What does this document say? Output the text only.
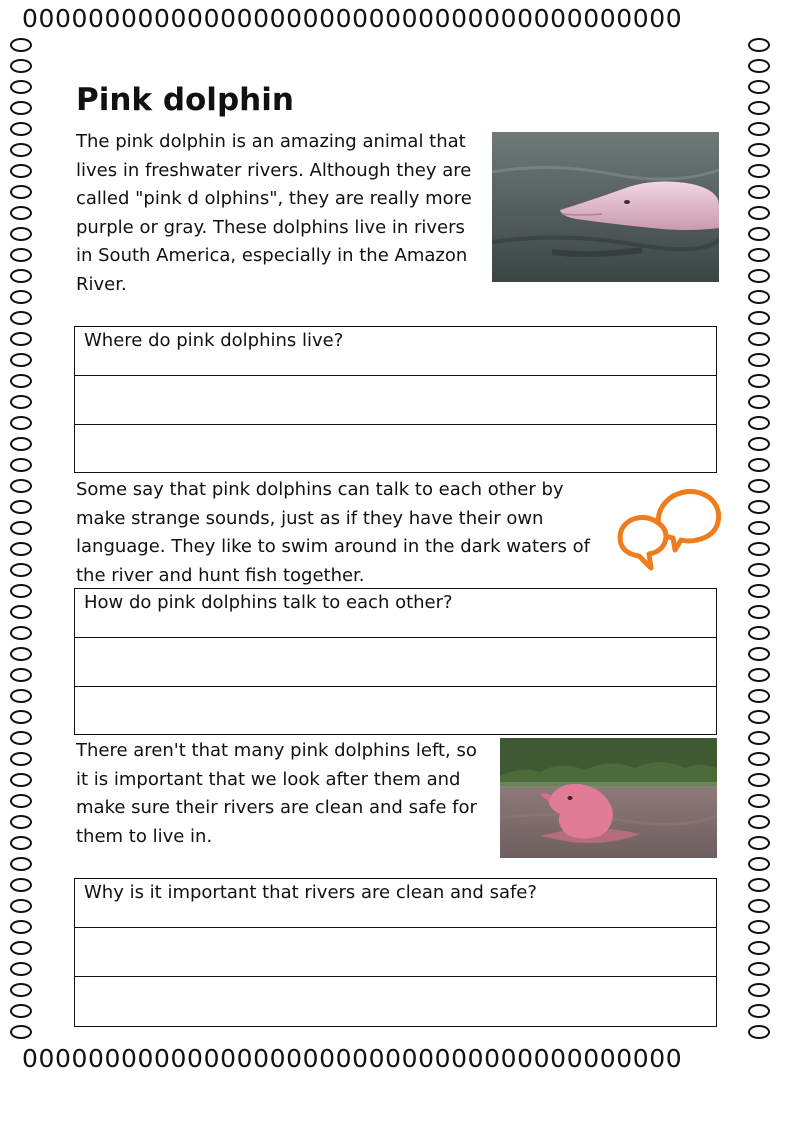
0000000000000000000000000000000000000000
0000000000000000000000000000000000000000
Pink dolphin

The pink dolphin is an amazing animal that lives in freshwater rivers. Although they are called "pink d olphins", they are really more purple or gray. These dolphins live in rivers in South America, especially in the Amazon River.

Where do pink dolphins live?

Some say that pink dolphins can talk to each other by make strange sounds, just as if they have their own language. They like to swim around in the dark waters of the river and hunt fish together.

How do pink dolphins talk to each other?

There aren't that many pink dolphins left, so it is important that we look after them and make sure their rivers are clean and safe for them to live in.

Why is it important that rivers are clean and safe?
